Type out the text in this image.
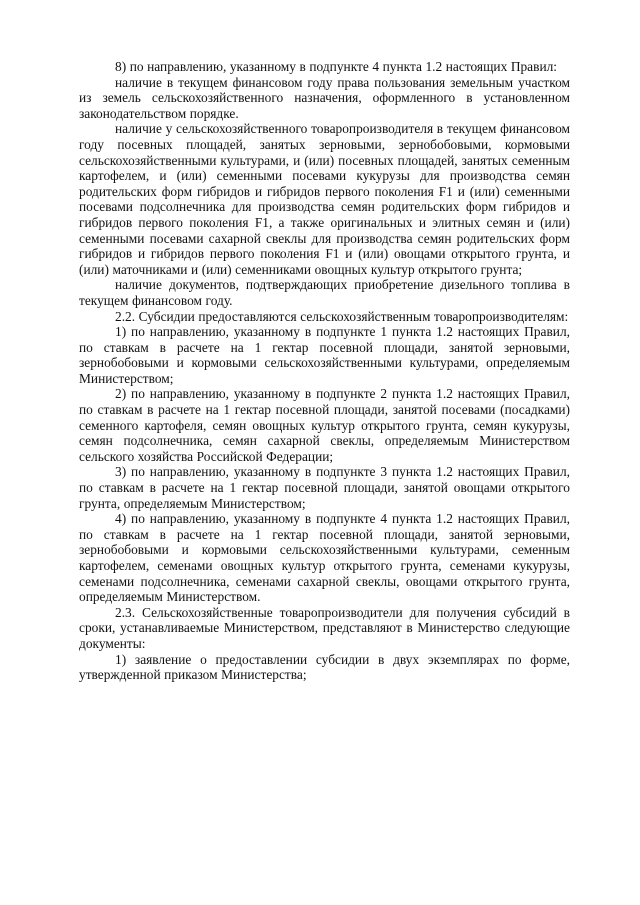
8) по направлению, указанному в подпункте 4 пункта 1.2 настоящих Правил:

наличие в текущем финансовом году права пользования земельным участком из земель сельскохозяйственного назначения, оформленного в установленном законодательством порядке.

наличие у сельскохозяйственного товаропроизводителя в текущем финансовом году посевных площадей, занятых зерновыми, зернобобовыми, кормовыми сельскохозяйственными культурами, и (или) посевных площадей, занятых семенным картофелем, и (или) семенными посевами кукурузы для производства семян родительских форм гибридов и гибридов первого поколения F1 и (или) семенными посевами подсолнечника для производства семян родительских форм гибридов и гибридов первого поколения F1, а также оригинальных и элитных семян и (или) семенными посевами сахарной свеклы для производства семян родительских форм гибридов и гибридов первого поколения F1 и (или) овощами открытого грунта, и (или) маточниками и (или) семенниками овощных культур открытого грунта;

наличие документов, подтверждающих приобретение дизельного топлива в текущем финансовом году.

2.2. Субсидии предоставляются сельскохозяйственным товаропроизводителям:

1) по направлению, указанному в подпункте 1 пункта 1.2 настоящих Правил, по ставкам в расчете на 1 гектар посевной площади, занятой зерновыми, зернобобовыми и кормовыми сельскохозяйственными культурами, определяемым Министерством;

2) по направлению, указанному в подпункте 2 пункта 1.2 настоящих Правил, по ставкам в расчете на 1 гектар посевной площади, занятой посевами (посадками) семенного картофеля, семян овощных культур открытого грунта, семян кукурузы, семян подсолнечника, семян сахарной свеклы, определяемым Министерством сельского хозяйства Российской Федерации;

3) по направлению, указанному в подпункте 3 пункта 1.2 настоящих Правил, по ставкам в расчете на 1 гектар посевной площади, занятой овощами открытого грунта, определяемым Министерством;

4) по направлению, указанному в подпункте 4 пункта 1.2 настоящих Правил, по ставкам в расчете на 1 гектар посевной площади, занятой зерновыми, зернобобовыми и кормовыми сельскохозяйственными культурами, семенным картофелем, семенами овощных культур открытого грунта, семенами кукурузы, семенами подсолнечника, семенами сахарной свеклы, овощами открытого грунта, определяемым Министерством.

2.3. Сельскохозяйственные товаропроизводители для получения субсидий в сроки, устанавливаемые Министерством, представляют в Министерство следующие документы:

1) заявление о предоставлении субсидии в двух экземплярах по форме, утвержденной приказом Министерства;
